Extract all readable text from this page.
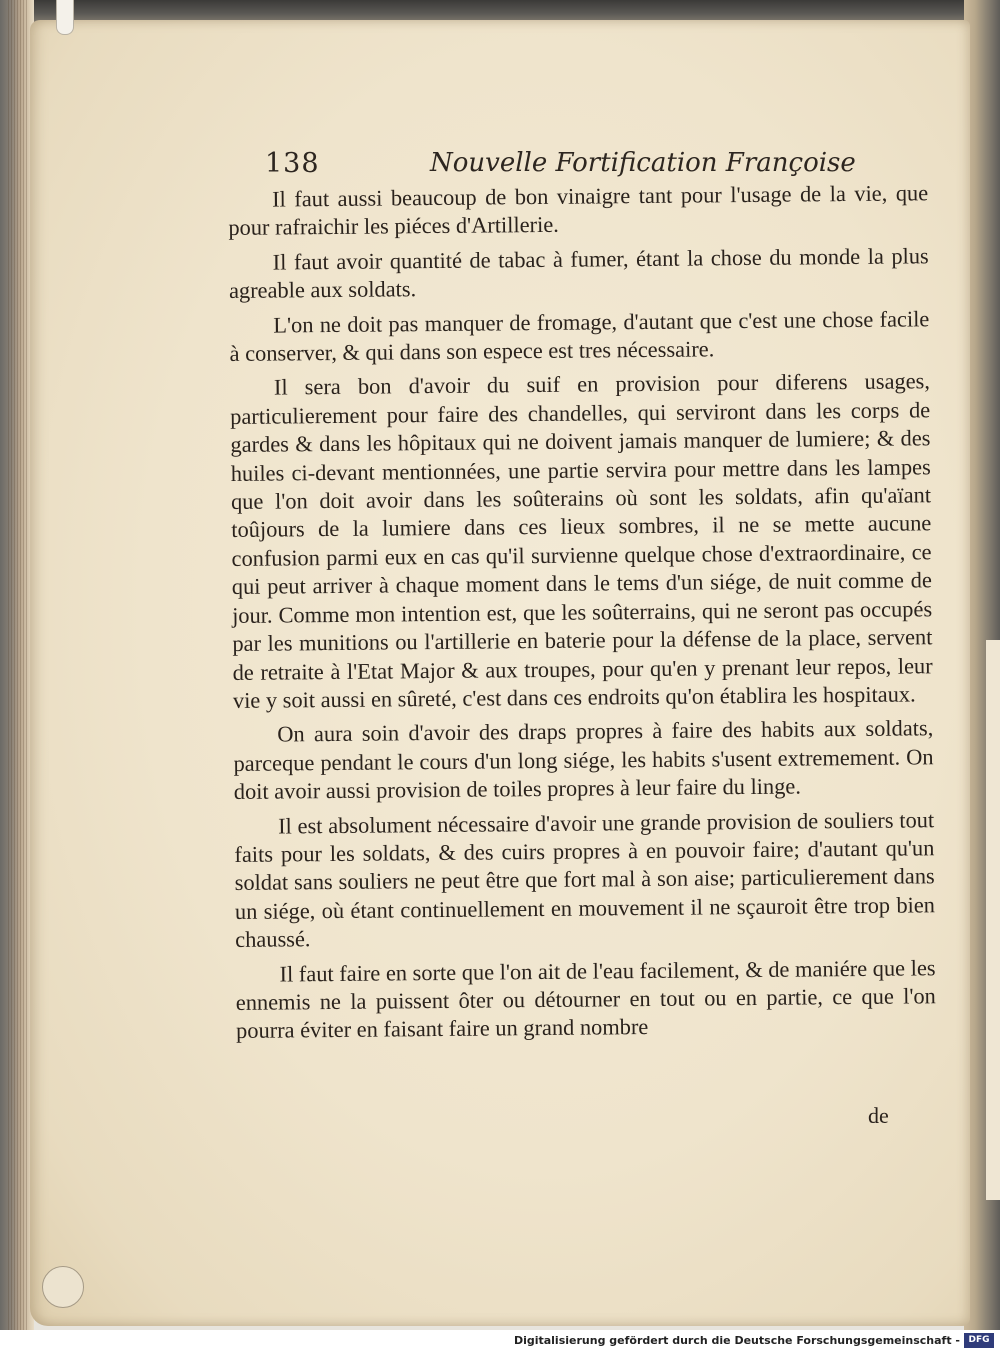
138	Nouvelle Fortification Françoise

Il faut aussi beaucoup de bon vinaigre tant pour l'usage de la vie, que pour rafraichir les piéces d'Artillerie.

Il faut avoir quantité de tabac à fumer, étant la chose du monde la plus agreable aux soldats.

L'on ne doit pas manquer de fromage, d'autant que c'est une chose facile à conserver, & qui dans son espece est tres nécessaire.

Il sera bon d'avoir du suif en provision pour diferens usages, particulierement pour faire des chandelles, qui serviront dans les corps de gardes & dans les hôpitaux qui ne doivent jamais manquer de lumiere; & des huiles ci-devant mentionnées, une partie servira pour mettre dans les lampes que l'on doit avoir dans les soûterains où sont les soldats, afin qu'aïant toûjours de la lumiere dans ces lieux sombres, il ne se mette aucune confusion parmi eux en cas qu'il survienne quelque chose d'extraordinaire, ce qui peut arriver à chaque moment dans le tems d'un siége, de nuit comme de jour. Comme mon intention est, que les soûterrains, qui ne seront pas occupés par les munitions ou l'artillerie en baterie pour la défense de la place, servent de retraite à l'Etat Major & aux troupes, pour qu'en y prenant leur repos, leur vie y soit aussi en sûreté, c'est dans ces endroits qu'on établira les hospitaux.

On aura soin d'avoir des draps propres à faire des habits aux soldats, parceque pendant le cours d'un long siége, les habits s'usent extremement. On doit avoir aussi provision de toiles propres à leur faire du linge.

Il est absolument nécessaire d'avoir une grande provision de souliers tout faits pour les soldats, & des cuirs propres à en pouvoir faire; d'autant qu'un soldat sans souliers ne peut être que fort mal à son aise; particulierement dans un siége, où étant continuellement en mouvement il ne sçauroit être trop bien chaussé.

Il faut faire en sorte que l'on ait de l'eau facilement, & de maniére que les ennemis ne la puissent ôter ou détourner en tout ou en partie, ce que l'on pourra éviter en faisant faire un grand nombre

de
Digitalisierung gefördert durch die Deutsche Forschungsgemeinschaft - DFG
